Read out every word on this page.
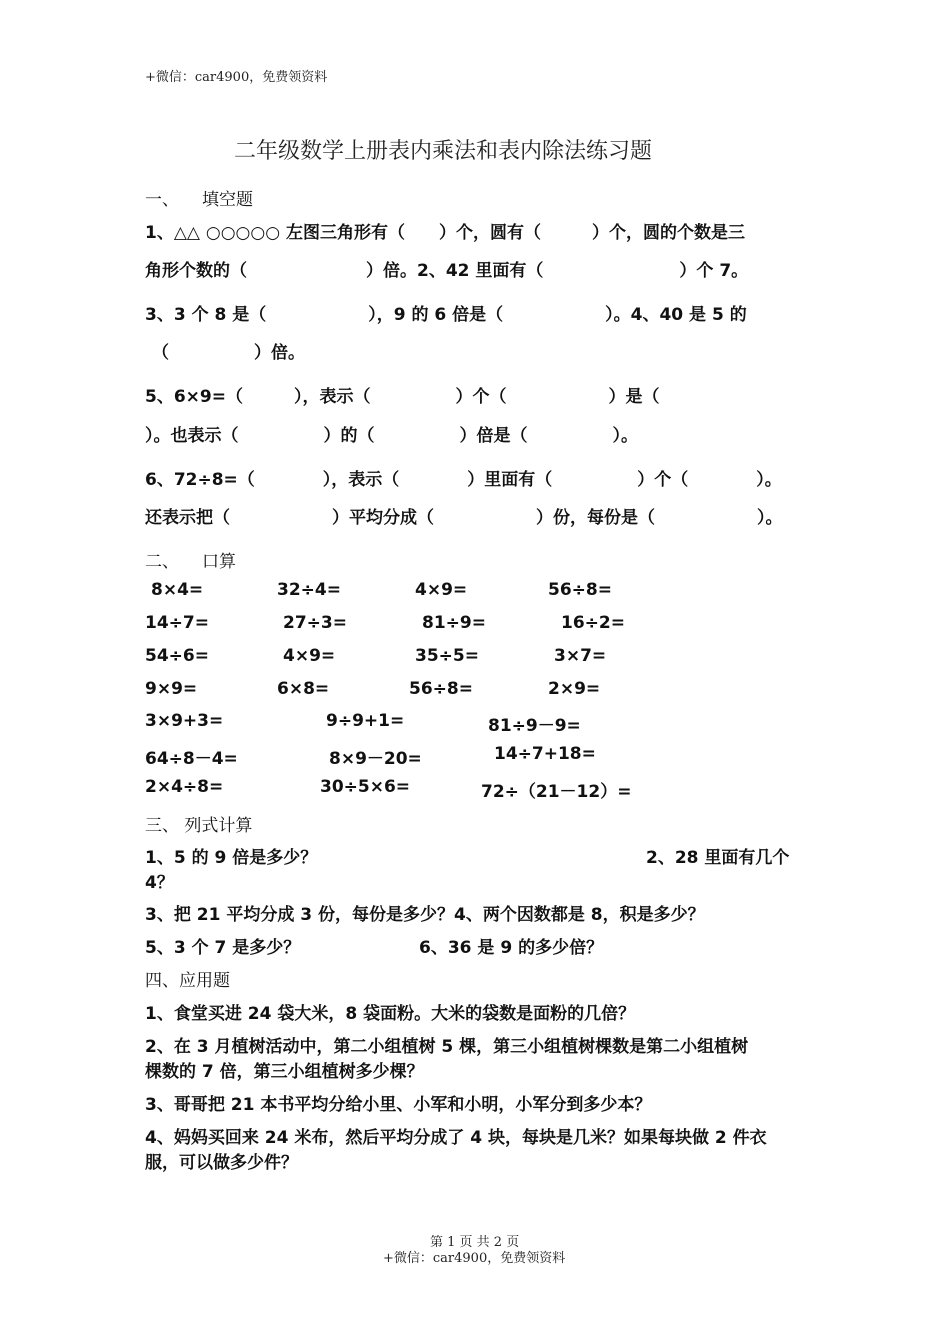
+微信：car4900，免费领资料
二年级数学上册表内乘法和表内除法练习题
一、 填空题
1、△△ ○○○○○ 左图三角形有（　　）个，圆有（　　　）个，圆的个数是三
角形个数的（　　　　　　　）倍。2、42 里面有（　　　　　　　　）个 7。
3、3 个 8 是（　　　　　　），9 的 6 倍是（　　　　　　）。4、40 是 5 的
（　　　　　）倍。
5、6×9=（　　　），表示（　　　　　）个（　　　　　　）是（
）。也表示（　　　　　）的（　　　　　）倍是（　　　　　）。
6、72÷8=（　　　　），表示（　　　　）里面有（　　　　　）个（　　　　）。
还表示把（　　　　　　）平均分成（　　　　　　）份，每份是（　　　　　　）。
二、 口算
8×4=	32÷4=	4×9=	56÷8=
14÷7=	27÷3=	81÷9=	16÷2=
54÷6=	4×9=	35÷5=	3×7=
9×9=	6×8=	56÷8=	2×9=
3×9+3=	9÷9+1=	81÷9－9=
64÷8－4=	8×9－20=	14÷7+18=
2×4÷8=	30÷5×6=	72÷（21－12）=
三、 列式计算
1、5 的 9 倍是多少？	2、28 里面有几个
4？
3、把 21 平均分成 3 份，每份是多少？4、两个因数都是 8，积是多少？
5、3 个 7 是多少？	6、36 是 9 的多少倍？
四、应用题
1、食堂买进 24 袋大米，8 袋面粉。大米的袋数是面粉的几倍？
2、在 3 月植树活动中，第二小组植树 5 棵，第三小组植树棵数是第二小组植树
棵数的 7 倍，第三小组植树多少棵？
3、哥哥把 21 本书平均分给小里、小军和小明，小军分到多少本？
4、妈妈买回来 24 米布，然后平均分成了 4 块，每块是几米？如果每块做 2 件衣
服，可以做多少件？
第 1 页 共 2 页
+微信：car4900，免费领资料
